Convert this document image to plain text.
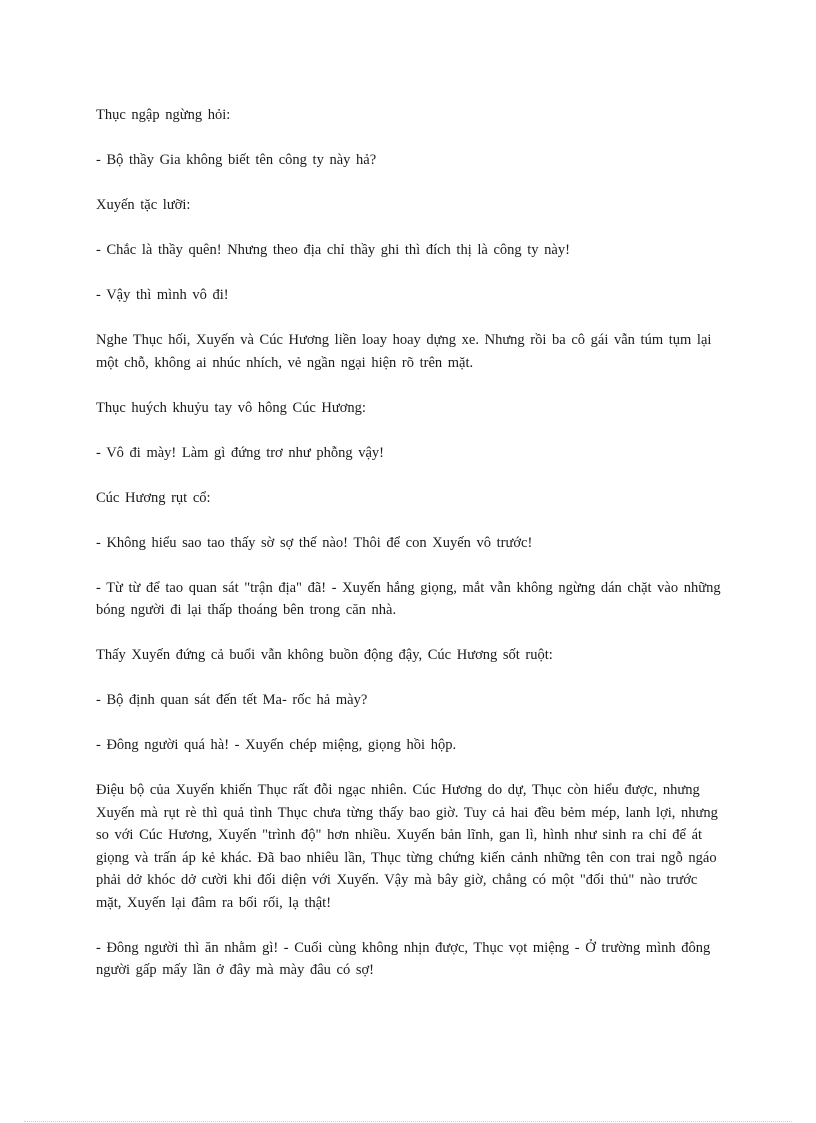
Thục ngập ngừng hỏi:

- Bộ thầy Gia không biết tên công ty này hả?

Xuyến tặc lưỡi:

- Chắc là thầy quên! Nhưng theo địa chỉ thầy ghi thì đích thị là công ty này!

- Vậy thì mình vô đi!

Nghe Thục hối, Xuyến và Cúc Hương liền loay hoay dựng xe. Nhưng rồi ba cô gái vẫn túm tụm lại một chỗ, không ai nhúc nhích, vẻ ngần ngại hiện rõ trên mặt.

Thục huých khuỷu tay vô hông Cúc Hương:

- Vô đi mày! Làm gì đứng trơ như phỗng vậy!

Cúc Hương rụt cổ:

- Không hiểu sao tao thấy sờ sợ thế nào! Thôi để con Xuyến vô trước!

- Từ từ để tao quan sát "trận địa" đã! - Xuyến hắng giọng, mắt vẫn không ngừng dán chặt vào những bóng người đi lại thấp thoáng bên trong căn nhà.

Thấy Xuyến đứng cả buổi vẫn không buồn động đậy, Cúc Hương sốt ruột:

- Bộ định quan sát đến tết Ma- rốc hả mày?

- Đông người quá hà! - Xuyến chép miệng, giọng hồi hộp.

Điệu bộ của Xuyến khiến Thục rất đỗi ngạc nhiên. Cúc Hương do dự, Thục còn hiểu được, nhưng Xuyến mà rụt rè thì quả tình Thục chưa từng thấy bao giờ. Tuy cả hai đều bẻm mép, lanh lợi, nhưng so với Cúc Hương, Xuyến "trình độ" hơn nhiều. Xuyến bản lĩnh, gan lì, hình như sinh ra chỉ để át giọng và trấn áp kẻ khác. Đã bao nhiêu lần, Thục từng chứng kiến cảnh những tên con trai ngỗ ngáo phải dở khóc dở cười khi đối diện với Xuyến. Vậy mà bây giờ, chẳng có một "đối thủ" nào trước mặt, Xuyến lại đâm ra bối rối, lạ thật!

- Đông người thì ăn nhằm gì! - Cuối cùng không nhịn được, Thục vọt miệng - Ở trường mình đông người gấp mấy lần ở đây mà mày đâu có sợ!
